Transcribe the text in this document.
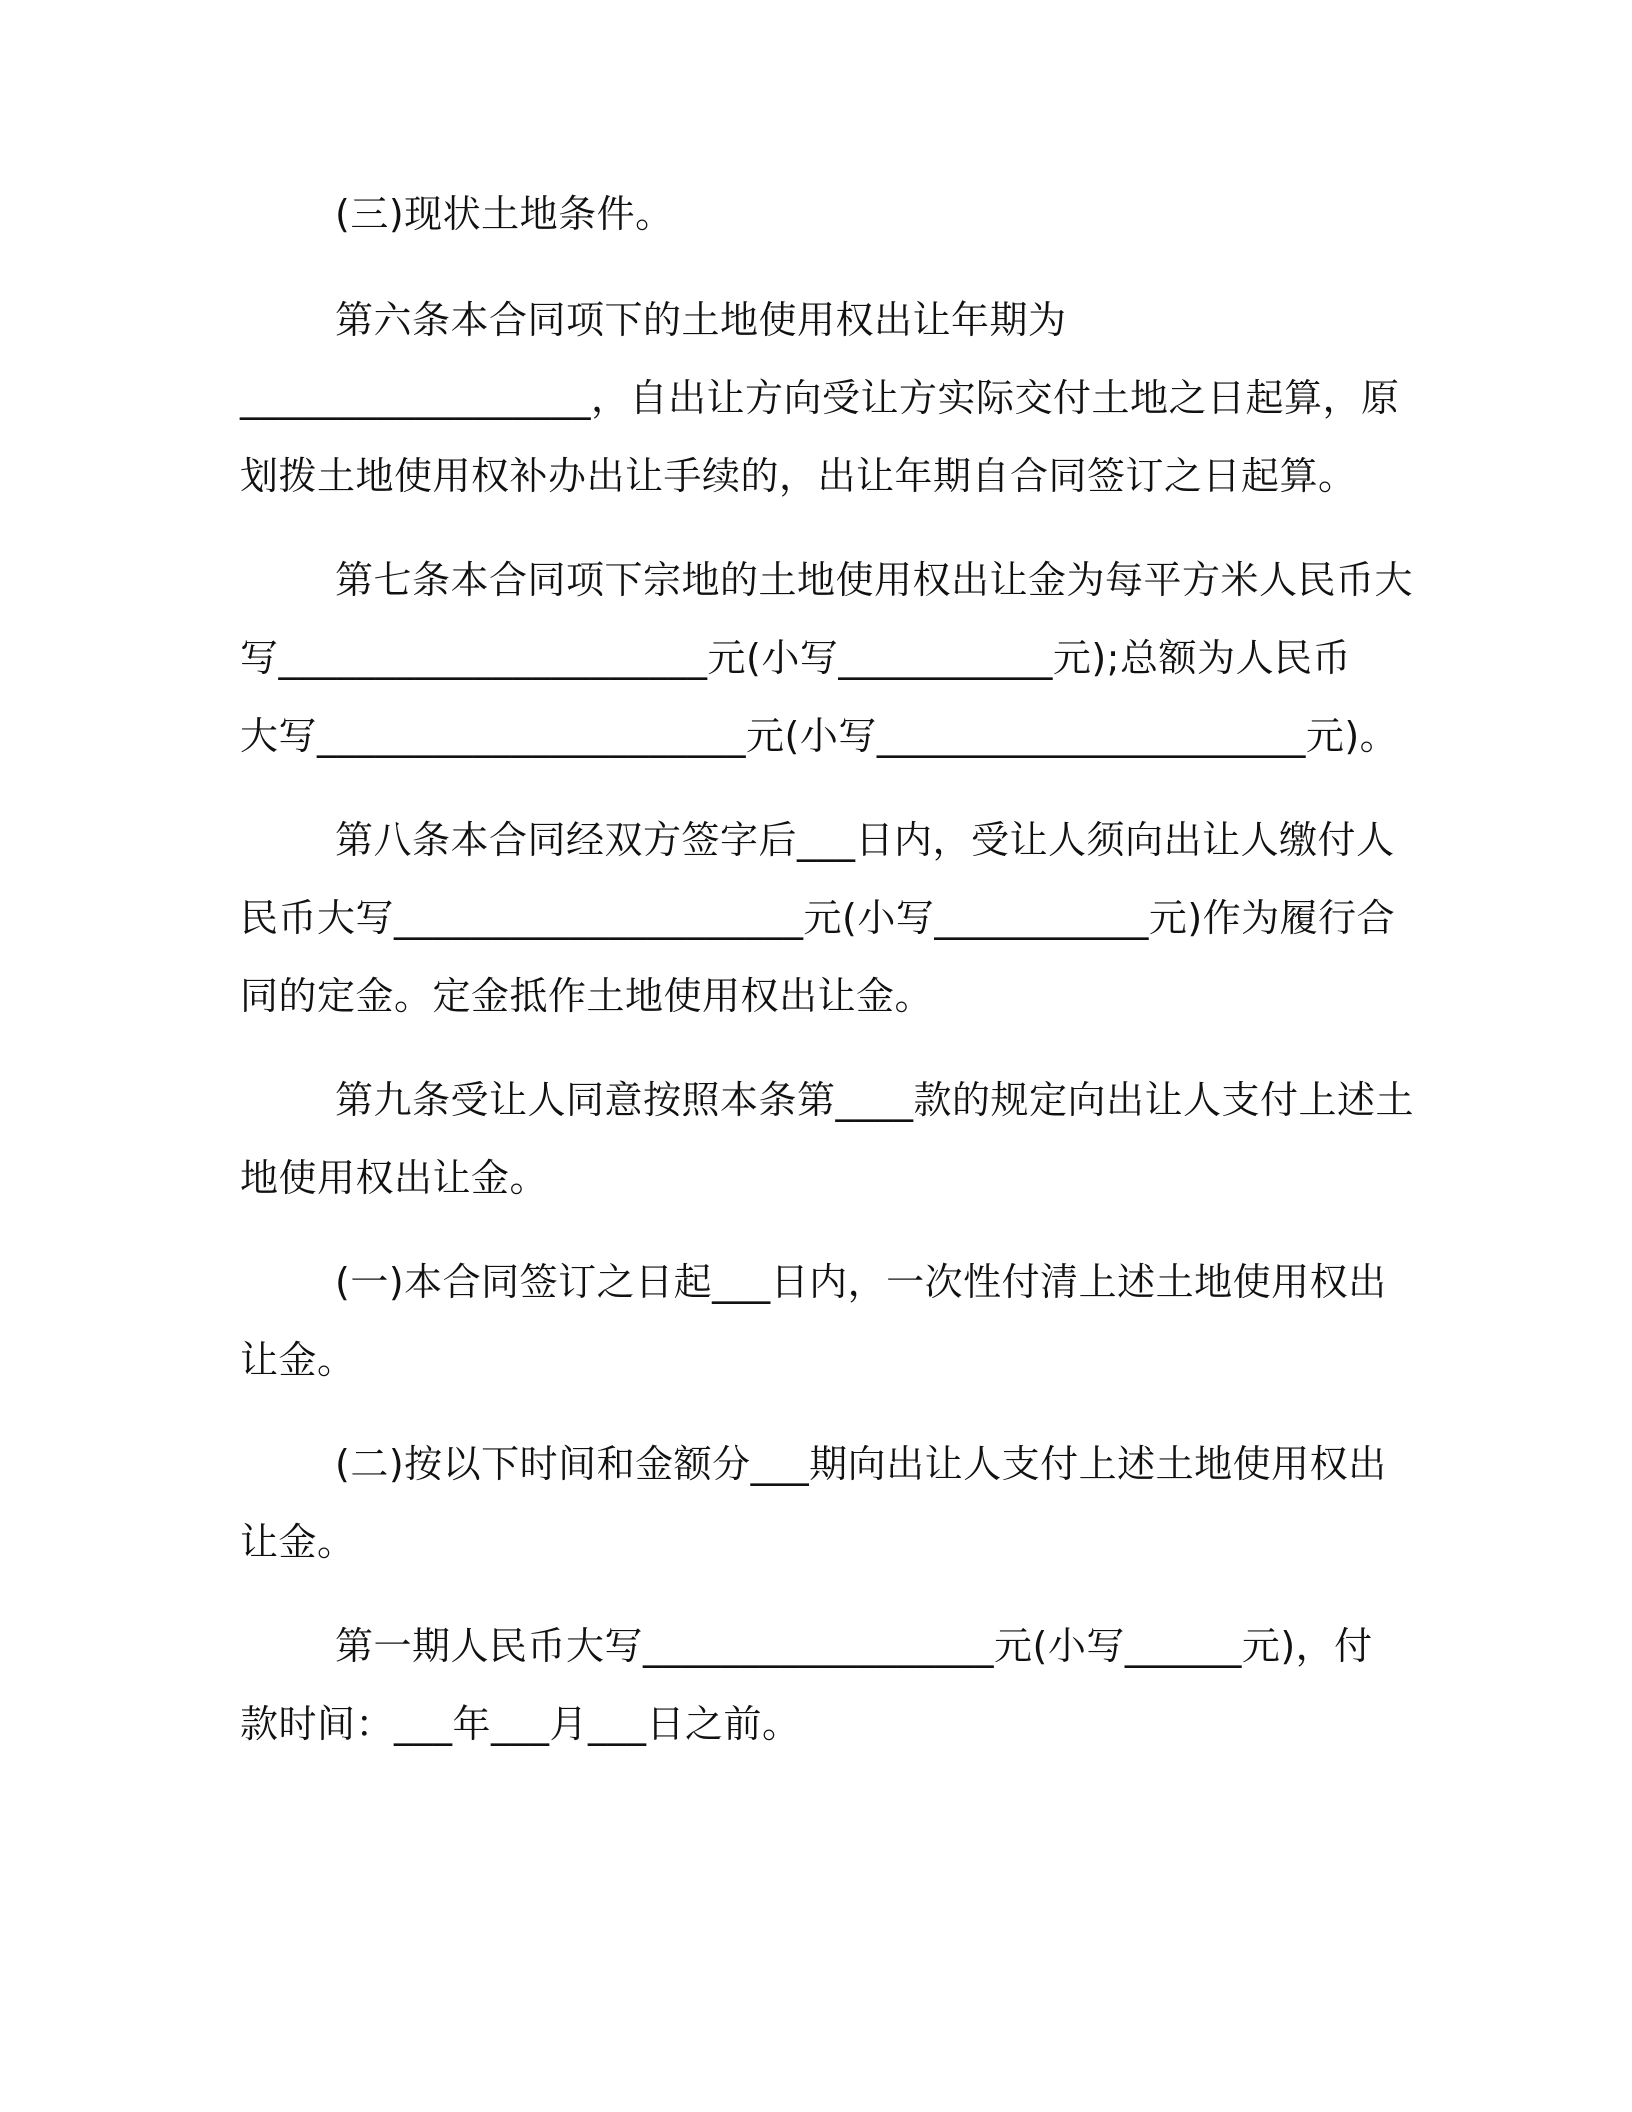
(三)现状土地条件。
第六条本合同项下的土地使用权出让年期为
__________________，自出让方向受让方实际交付土地之日起算，原
划拨土地使用权补办出让手续的，出让年期自合同签订之日起算。
第七条本合同项下宗地的土地使用权出让金为每平方米人民币大
写______________________元(小写___________元);总额为人民币
大写______________________元(小写______________________元)。
第八条本合同经双方签字后___日内，受让人须向出让人缴付人
民币大写_____________________元(小写___________元)作为履行合
同的定金。定金抵作土地使用权出让金。
第九条受让人同意按照本条第____款的规定向出让人支付上述土
地使用权出让金。
(一)本合同签订之日起___日内，一次性付清上述土地使用权出
让金。
(二)按以下时间和金额分___期向出让人支付上述土地使用权出
让金。
第一期人民币大写__________________元(小写______元)，付
款时间：___年___月___日之前。
